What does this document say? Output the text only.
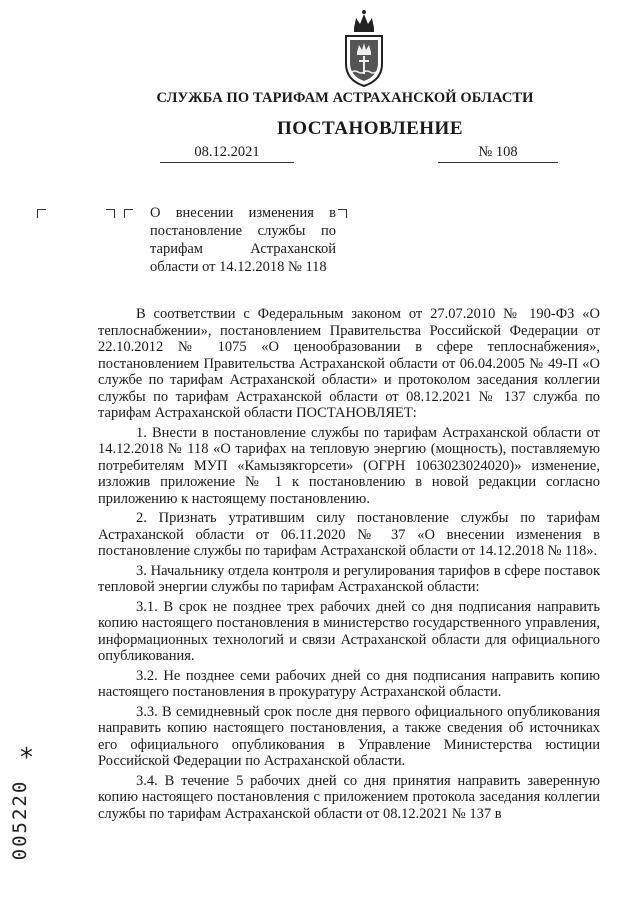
СЛУЖБА ПО ТАРИФАМ АСТРАХАНСКОЙ ОБЛАСТИ
ПОСТАНОВЛЕНИЕ
08.12.2021	№ 108
О внесении изменения в постановление службы по тарифам Астраханской области от 14.12.2018 № 118

В соответствии с Федеральным законом от 27.07.2010 № 190-ФЗ «О теплоснабжении», постановлением Правительства Российской Федерации от 22.10.2012 № 1075 «О ценообразовании в сфере теплоснабжения», постановлением Правительства Астраханской области от 06.04.2005 № 49-П «О службе по тарифам Астраханской области» и протоколом заседания коллегии службы по тарифам Астраханской области от 08.12.2021 № 137 служба по тарифам Астраханской области ПОСТАНОВЛЯЕТ:

1. Внести в постановление службы по тарифам Астраханской области от 14.12.2018 № 118 «О тарифах на тепловую энергию (мощность), поставляемую потребителям МУП «Камызякгорсети» (ОГРН 1063023024020)» изменение, изложив приложение № 1 к постановлению в новой редакции согласно приложению к настоящему постановлению.

2. Признать утратившим силу постановление службы по тарифам Астраханской области от 06.11.2020 № 37 «О внесении изменения в постановление службы по тарифам Астраханской области от 14.12.2018 № 118».

3. Начальнику отдела контроля и регулирования тарифов в сфере поставок тепловой энергии службы по тарифам Астраханской области:

3.1. В срок не позднее трех рабочих дней со дня подписания направить копию настоящего постановления в министерство государственного управления, информационных технологий и связи Астраханской области для официального опубликования.

3.2. Не позднее семи рабочих дней со дня подписания направить копию настоящего постановления в прокуратуру Астраханской области.

3.3. В семидневный срок после дня первого официального опубликования направить копию настоящего постановления, а также сведения об источниках его официального опубликования в Управление Министерства юстиции Российской Федерации по Астраханской области.

3.4. В течение 5 рабочих дней со дня принятия направить заверенную копию настоящего постановления с приложением протокола заседания коллегии службы по тарифам Астраханской области от 08.12.2021 № 137 в

*
005220
